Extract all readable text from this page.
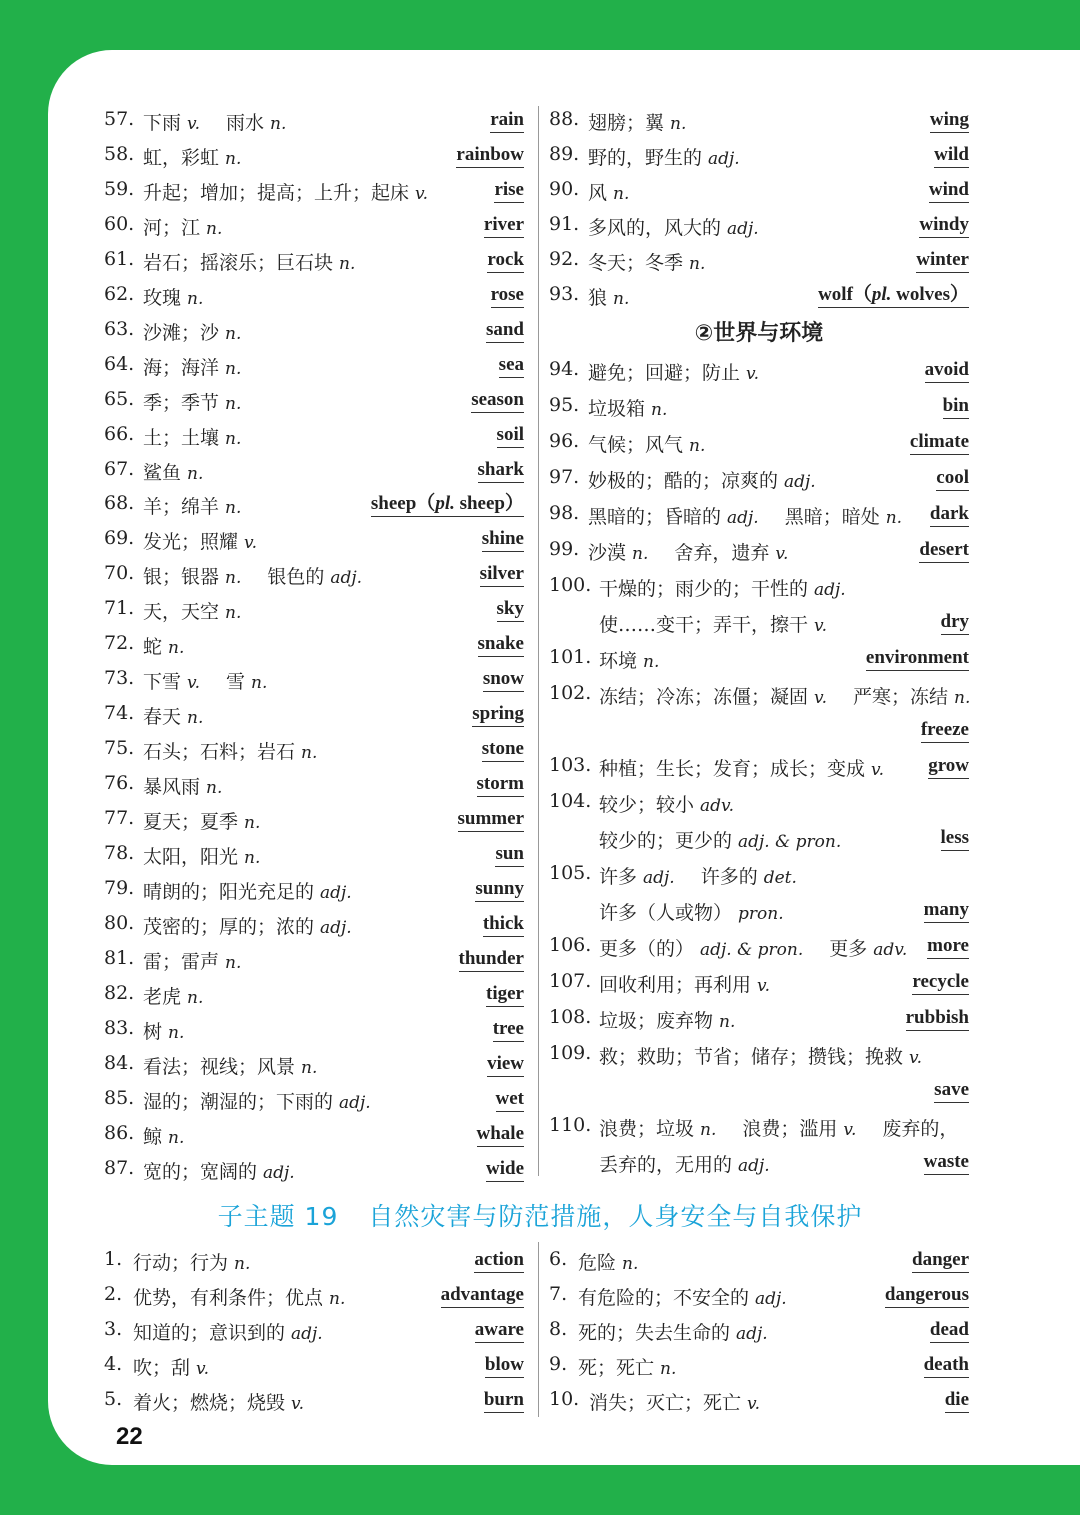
57. 下雨 v. 雨水 n.	rain
58. 虹，彩虹 n.	rainbow
59. 升起；增加；提高；上升；起床 v.	rise
60. 河；江 n.	river
61. 岩石；摇滚乐；巨石块 n.	rock
62. 玫瑰 n.	rose
63. 沙滩；沙 n.	sand
64. 海；海洋 n.	sea
65. 季；季节 n.	season
66. 土；土壤 n.	soil
67. 鲨鱼 n.	shark
68. 羊；绵羊 n.	sheep（pl. sheep）
69. 发光；照耀 v.	shine
70. 银；银器 n. 银色的 adj.	silver
71. 天，天空 n.	sky
72. 蛇 n.	snake
73. 下雪 v. 雪 n.	snow
74. 春天 n.	spring
75. 石头；石料；岩石 n.	stone
76. 暴风雨 n.	storm
77. 夏天；夏季 n.	summer
78. 太阳，阳光 n.	sun
79. 晴朗的；阳光充足的 adj.	sunny
80. 茂密的；厚的；浓的 adj.	thick
81. 雷；雷声 n.	thunder
82. 老虎 n.	tiger
83. 树 n.	tree
84. 看法；视线；风景 n.	view
85. 湿的；潮湿的；下雨的 adj.	wet
86. 鲸 n.	whale
87. 宽的；宽阔的 adj.	wide
88. 翅膀；翼 n.	wing
89. 野的，野生的 adj.	wild
90. 风 n.	wind
91. 多风的，风大的 adj.	windy
92. 冬天；冬季 n.	winter
93. 狼 n.	wolf（pl. wolves）
94. 避免；回避；防止 v.	avoid
95. 垃圾箱 n.	bin
96. 气候；风气 n.	climate
97. 妙极的；酷的；凉爽的 adj.	cool
98. 黑暗的；昏暗的 adj. 黑暗；暗处 n. dark
99. 沙漠 n. 舍弃，遗弃 v.	desert
100. 干燥的；雨少的；干性的 adj.
使……变干；弄干，擦干 v.	dry
101. 环境 n.	environment
102. 冻结；冷冻；冻僵；凝固 v. 严寒；冻结 n.
freeze
103. 种植；生长；发育；成长；变成 v. grow
104. 较少；较小 adv.
较少的；更少的 adj. & pron.	less
105. 许多 adj. 许多的 det.
许多（人或物） pron.	many
106. 更多（的） adj. & pron. 更多 adv. more
107. 回收利用；再利用 v.	recycle
108. 垃圾；废弃物 n.	rubbish
109. 救；救助；节省；储存；攒钱；挽救 v.
save
110. 浪费；垃圾 n. 浪费；滥用 v. 废弃的，
丢弃的，无用的 adj.	waste
②世界与环境
子主题 19 自然灾害与防范措施，人身安全与自我保护
1. 行动；行为 n.	action
2. 优势，有利条件；优点 n.	advantage
3. 知道的；意识到的 adj.	aware
4. 吹；刮 v.	blow
5. 着火；燃烧；烧毁 v.	burn
6. 危险 n.	danger
7. 有危险的；不安全的 adj.	dangerous
8. 死的；失去生命的 adj.	dead
9. 死；死亡 n.	death
10. 消失；灭亡；死亡 v.	die
22
